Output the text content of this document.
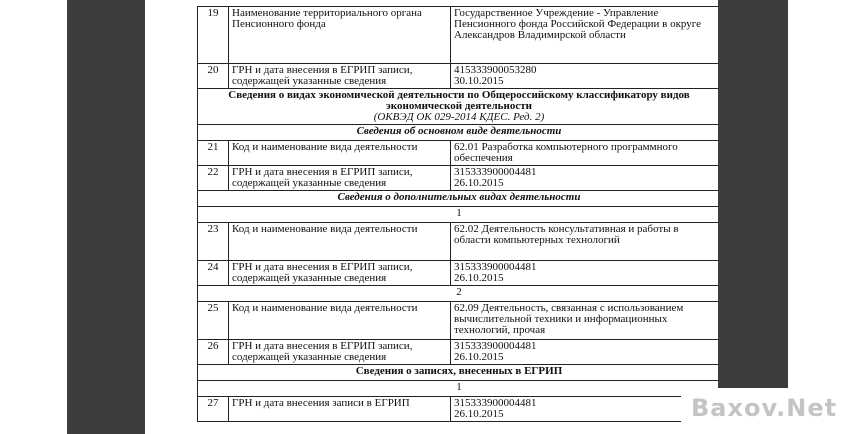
19	Наименование территориального органа Пенсионного фонда	Государственное Учреждение - Управление Пенсионного фонда Российской Федерации в округе Александров Владимирской области
20	ГРН и дата внесения в ЕГРИП записи, содержащей указанные сведения	415333900053280
30.10.2015

Сведения о видах экономической деятельности по Общероссийскому классификатору видов экономической деятельности
(ОКВЭД ОК 029-2014 КДЕС. Ред. 2)		

Сведения об основном виде деятельности		
21	Код и наименование вида деятельности	62.01 Разработка компьютерного программного обеспечения
22	ГРН и дата внесения в ЕГРИП записи, содержащей указанные сведения	315333900004481
26.10.2015

Сведения о дополнительных видах деятельности		
1		
23	Код и наименование вида деятельности	62.02 Деятельность консультативная и работы в области компьютерных технологий
24	ГРН и дата внесения в ЕГРИП записи, содержащей указанные сведения	315333900004481
26.10.2015

2		
25	Код и наименование вида деятельности	62.09 Деятельность, связанная с использованием вычислительной техники и информационных технологий, прочая
26	ГРН и дата внесения в ЕГРИП записи, содержащей указанные сведения	315333900004481
26.10.2015

Сведения о записях, внесенных в ЕГРИП		
1		
27	ГРН и дата внесения записи в ЕГРИП	315333900004481
26.10.2015	Baxov.Net
